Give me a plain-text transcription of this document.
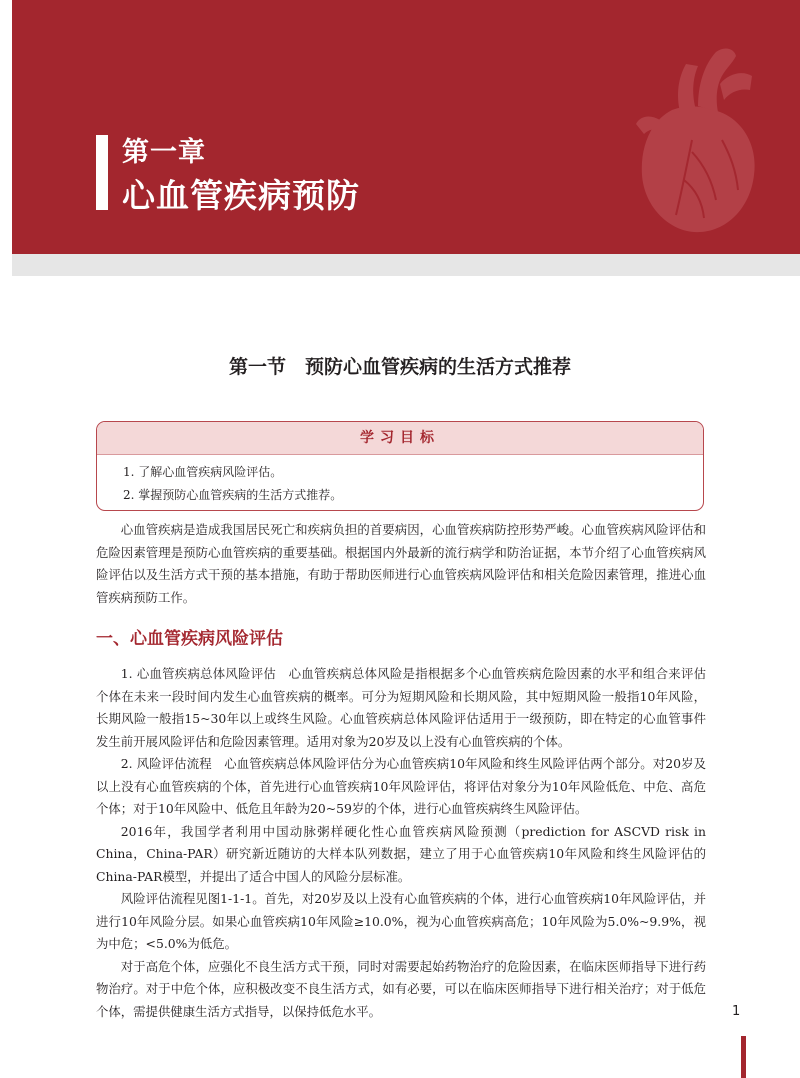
第一章
心血管疾病预防
第一节　预防心血管疾病的生活方式推荐
学习目标
1. 了解心血管疾病风险评估。
2. 掌握预防心血管疾病的生活方式推荐。

心血管疾病是造成我国居民死亡和疾病负担的首要病因，心血管疾病防控形势严峻。心血管疾病风险评估和危险因素管理是预防心血管疾病的重要基础。根据国内外最新的流行病学和防治证据，本节介绍了心血管疾病风险评估以及生活方式干预的基本措施，有助于帮助医师进行心血管疾病风险评估和相关危险因素管理，推进心血管疾病预防工作。

一、心血管疾病风险评估

1. 心血管疾病总体风险评估　心血管疾病总体风险是指根据多个心血管疾病危险因素的水平和组合来评估个体在未来一段时间内发生心血管疾病的概率。可分为短期风险和长期风险，其中短期风险一般指10年风险，长期风险一般指15~30年以上或终生风险。心血管疾病总体风险评估适用于一级预防，即在特定的心血管事件发生前开展风险评估和危险因素管理。适用对象为20岁及以上没有心血管疾病的个体。

2. 风险评估流程　心血管疾病总体风险评估分为心血管疾病10年风险和终生风险评估两个部分。对20岁及以上没有心血管疾病的个体，首先进行心血管疾病10年风险评估，将评估对象分为10年风险低危、中危、高危个体；对于10年风险中、低危且年龄为20~59岁的个体，进行心血管疾病终生风险评估。

2016年，我国学者利用中国动脉粥样硬化性心血管疾病风险预测（prediction for ASCVD risk in China，China-PAR）研究新近随访的大样本队列数据，建立了用于心血管疾病10年风险和终生风险评估的China-PAR模型，并提出了适合中国人的风险分层标准。

风险评估流程见图1-1-1。首先，对20岁及以上没有心血管疾病的个体，进行心血管疾病10年风险评估，并进行10年风险分层。如果心血管疾病10年风险≥10.0%，视为心血管疾病高危；10年风险为5.0%~9.9%，视为中危；<5.0%为低危。

对于高危个体，应强化不良生活方式干预，同时对需要起始药物治疗的危险因素，在临床医师指导下进行药物治疗。对于中危个体，应积极改变不良生活方式，如有必要，可以在临床医师指导下进行相关治疗；对于低危个体，需提供健康生活方式指导，以保持低危水平。	1
